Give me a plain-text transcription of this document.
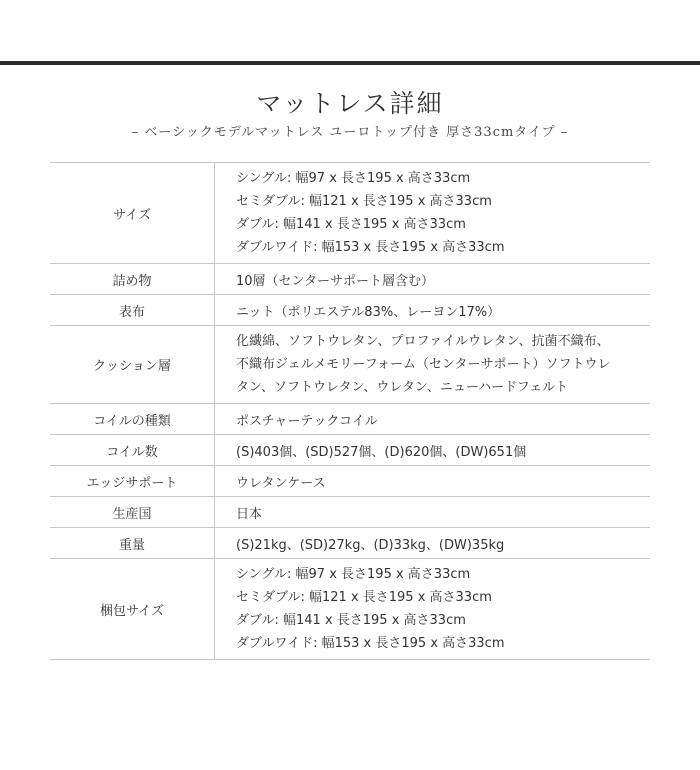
マットレス詳細
– ベーシックモデルマットレス ユーロトップ付き 厚さ33cmタイプ –
サイズ	シングル: 幅97 x 長さ195 x 高さ33cm
セミダブル: 幅121 x 長さ195 x 高さ33cm
ダブル: 幅141 x 長さ195 x 高さ33cm
ダブルワイド: 幅153 x 長さ195 x 高さ33cm

詰め物	10層（センターサポート層含む）
表布	ニット（ポリエステル83%、レーヨン17%）
クッション層	化繊綿、ソフトウレタン、プロファイルウレタン、抗菌不織布、
不織布ジェルメモリーフォーム（センターサポート）ソフトウレ
タン、ソフトウレタン、ウレタン、ニューハードフェルト

コイルの種類	ポスチャーテックコイル
コイル数	(S)403個、(SD)527個、(D)620個、(DW)651個
エッジサポート	ウレタンケース
生産国	日本
重量	(S)21kg、(SD)27kg、(D)33kg、(DW)35kg
梱包サイズ	シングル: 幅97 x 長さ195 x 高さ33cm
セミダブル: 幅121 x 長さ195 x 高さ33cm
ダブル: 幅141 x 長さ195 x 高さ33cm
ダブルワイド: 幅153 x 長さ195 x 高さ33cm
